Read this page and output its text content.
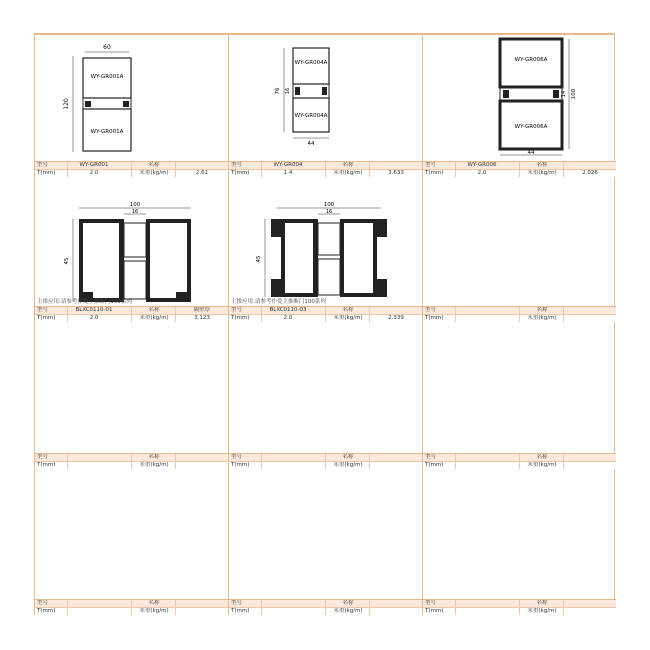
60
120
WY-GR001A
WY-GR001A
76 16
WY-GR004A
WY-GR004A
44
WY-GR006A
WY-GR006A
100
14
44
100
16
45
主推应用:请参考作爱主推断门100系列
100
16
45
主推应用:请参考作爱主推断门100系列
型号	WY-GR001	名称
T(mm)	2.0	米重(kg/m)	2.61
型号	WY-GR004	名称
T(mm)	1.4	米重(kg/m)	3.633
型号	WY-GR006	名称
T(mm)	2.0	米重(kg/m)	2.026
型号	BLXC0110-01	名称	隔壁厚
T(mm)	2.0	米重(kg/m)	3.123
型号	BLXC0110-03	名称
T(mm)	2.0	米重(kg/m)	2.339
型号	名称
T(mm)	米重(kg/m)
型号	名称
T(mm)	米重(kg/m)
型号	名称
T(mm)	米重(kg/m)
型号	名称
T(mm)	米重(kg/m)
型号	名称
T(mm)	米重(kg/m)
型号	名称
T(mm)	米重(kg/m)
型号	名称
T(mm)	米重(kg/m)
